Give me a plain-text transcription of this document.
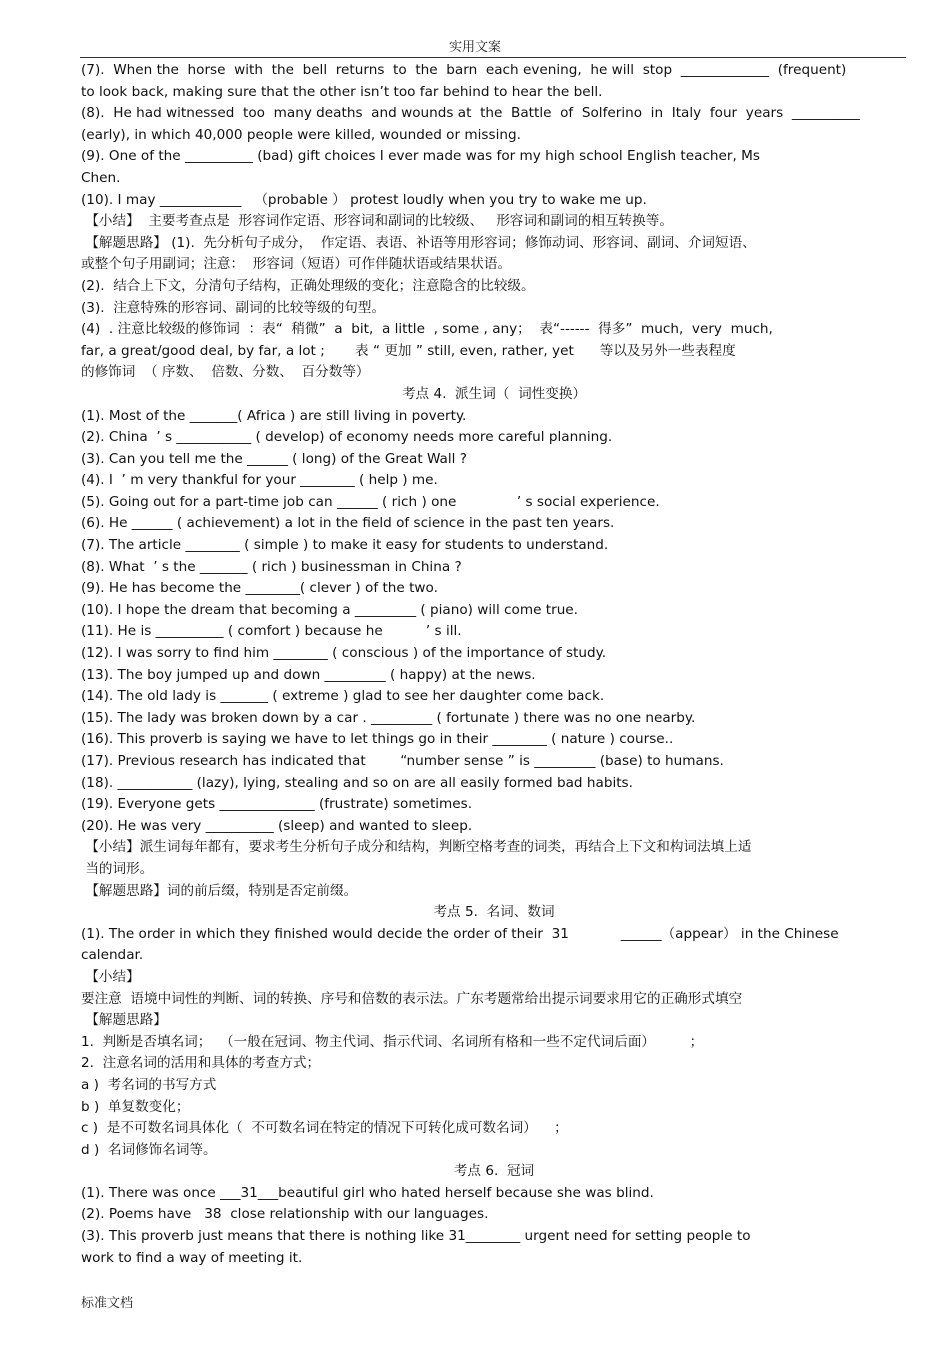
实用文案
(7).  When the  horse  with  the  bell  returns  to  the  barn  each evening,  he will  stop  _____________  (frequent)
to look back, making sure that the other isn’t too far behind to hear the bell.
(8).  He had witnessed  too  many deaths  and wounds at  the  Battle  of  Solferino  in  Italy  four  years  __________
(early), in which 40,000 people were killed, wounded or missing.
(9). One of the __________ (bad) gift choices I ever made was for my high school English teacher, Ms
Chen.
(10). I may ____________   （probable ） protest loudly when you try to wake me up.
【小结】  主要考查点是  形容词作定语、形容词和副词的比较级、   形容词和副词的相互转换等。
【解题思路】 (1).  先分析句子成分，  作定语、表语、补语等用形容词；修饰动词、形容词、副词、介词短语、
或整个句子用副词；注意：  形容词（短语）可作伴随状语或结果状语。
(2).  结合上下文，分清句子结构，正确处理级的变化；注意隐含的比较级。
(3).  注意特殊的形容词、副词的比较等级的句型。
(4)  . 注意比较级的修饰词  ：表“  稍微”  a  bit,  a little  , some , any；  表“------  得多”  much,  very  much,
far, a great/good deal, by far, a lot ;       表 “ 更加 ” still, even, rather, yet      等以及另外一些表程度
的修饰词  （ 序数、  倍数、分数、  百分数等）
考点 4.  派生词（  词性变换）
(1). Most of the _______( Africa ) are still living in poverty.
(2). China  ’ s ___________ ( develop) of economy needs more careful planning.
(3). Can you tell me the ______ ( long) of the Great Wall ?
(4). I  ’ m very thankful for your ________ ( help ) me.
(5). Going out for a part-time job can ______ ( rich ) one              ’ s social experience.
(6). He ______ ( achievement) a lot in the field of science in the past ten years.
(7). The article ________ ( simple ) to make it easy for students to understand.
(8). What  ’ s the _______ ( rich ) businessman in China ?
(9). He has become the ________( clever ) of the two.
(10). I hope the dream that becoming a _________ ( piano) will come true.
(11). He is __________ ( comfort ) because he          ’ s ill.
(12). I was sorry to find him ________ ( conscious ) of the importance of study.
(13). The boy jumped up and down _________ ( happy) at the news.
(14). The old lady is _______ ( extreme ) glad to see her daughter come back.
(15). The lady was broken down by a car . _________ ( fortunate ) there was no one nearby.
(16). This proverb is saying we have to let things go in their ________ ( nature ) course..
(17). Previous research has indicated that        “number sense ” is _________ (base) to humans.
(18). ___________ (lazy), lying, stealing and so on are all easily formed bad habits.
(19). Everyone gets ______________ (frustrate) sometimes.
(20). He was very __________ (sleep) and wanted to sleep.
【小结】派生词每年都有，要求考生分析句子成分和结构，判断空格考查的词类，再结合上下文和构词法填上适
当的词形。
【解题思路】词的前后缀，特别是否定前缀。
考点 5.  名词、数词
(1). The order in which they finished would decide the order of their  31            ______（appear） in the Chinese
calendar.
【小结】
要注意  语境中词性的判断、词的转换、序号和倍数的表示法。广东考题常给出提示词要求用它的正确形式填空
【解题思路】
1.  判断是否填名词；  （一般在冠词、物主代词、指示代词、名词所有格和一些不定代词后面）        ；
2.  注意名词的活用和具体的考查方式；
a )  考名词的书写方式
b )  单复数变化；
c )  是不可数名词具体化（  不可数名词在特定的情况下可转化成可数名词）    ；
d )  名词修饰名词等。
考点 6.  冠词
(1). There was once ___31___beautiful girl who hated herself because she was blind.
(2). Poems have   38  close relationship with our languages.
(3). This proverb just means that there is nothing like 31________ urgent need for setting people to
work to find a way of meeting it.
标准文档
